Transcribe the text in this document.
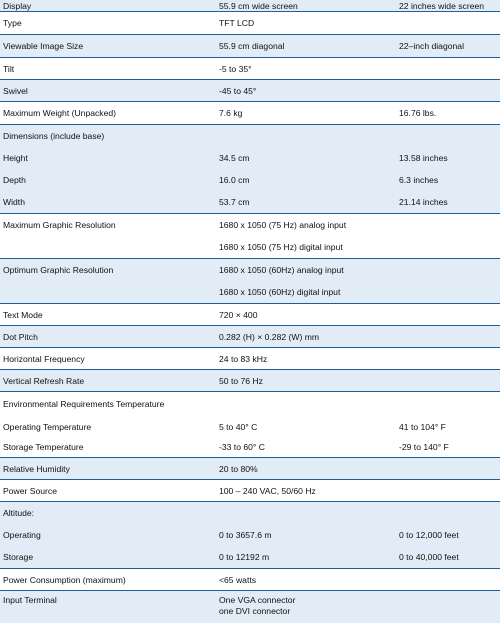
Display	55.9 cm wide screen	22 inches wide screen
Type	TFT LCD
Viewable Image Size	55.9 cm diagonal	22–inch diagonal
Tilt	-5 to 35°
Swivel	-45 to 45°
Maximum Weight (Unpacked)	7.6 kg	16.76 lbs.
Dimensions (include base)
Height	34.5 cm	13.58 inches
Depth	16.0 cm	6.3 inches
Width	53.7 cm	21.14 inches
Maximum Graphic Resolution	1680 x 1050 (75 Hz) analog input
1680 x 1050 (75 Hz) digital input
Optimum Graphic Resolution	1680 x 1050 (60Hz) analog input
1680 x 1050 (60Hz) digital input
Text Mode	720 × 400
Dot Pitch	0.282 (H) × 0.282 (W) mm
Horizontal Frequency	24 to 83 kHz
Vertical Refresh Rate	50 to 76 Hz
Environmental Requirements Temperature
Operating Temperature	5 to 40° C	41 to 104° F
Storage Temperature	-33 to 60° C	-29 to 140° F
Relative Humidity	20 to 80%
Power Source	100 – 240 VAC, 50/60 Hz
Altitude:
Operating	0 to 3657.6 m	0 to 12,000 feet
Storage	0 to 12192 m	0 to 40,000 feet
Power Consumption (maximum)	<65 watts
Input Terminal	One VGA connector
one DVI connector
